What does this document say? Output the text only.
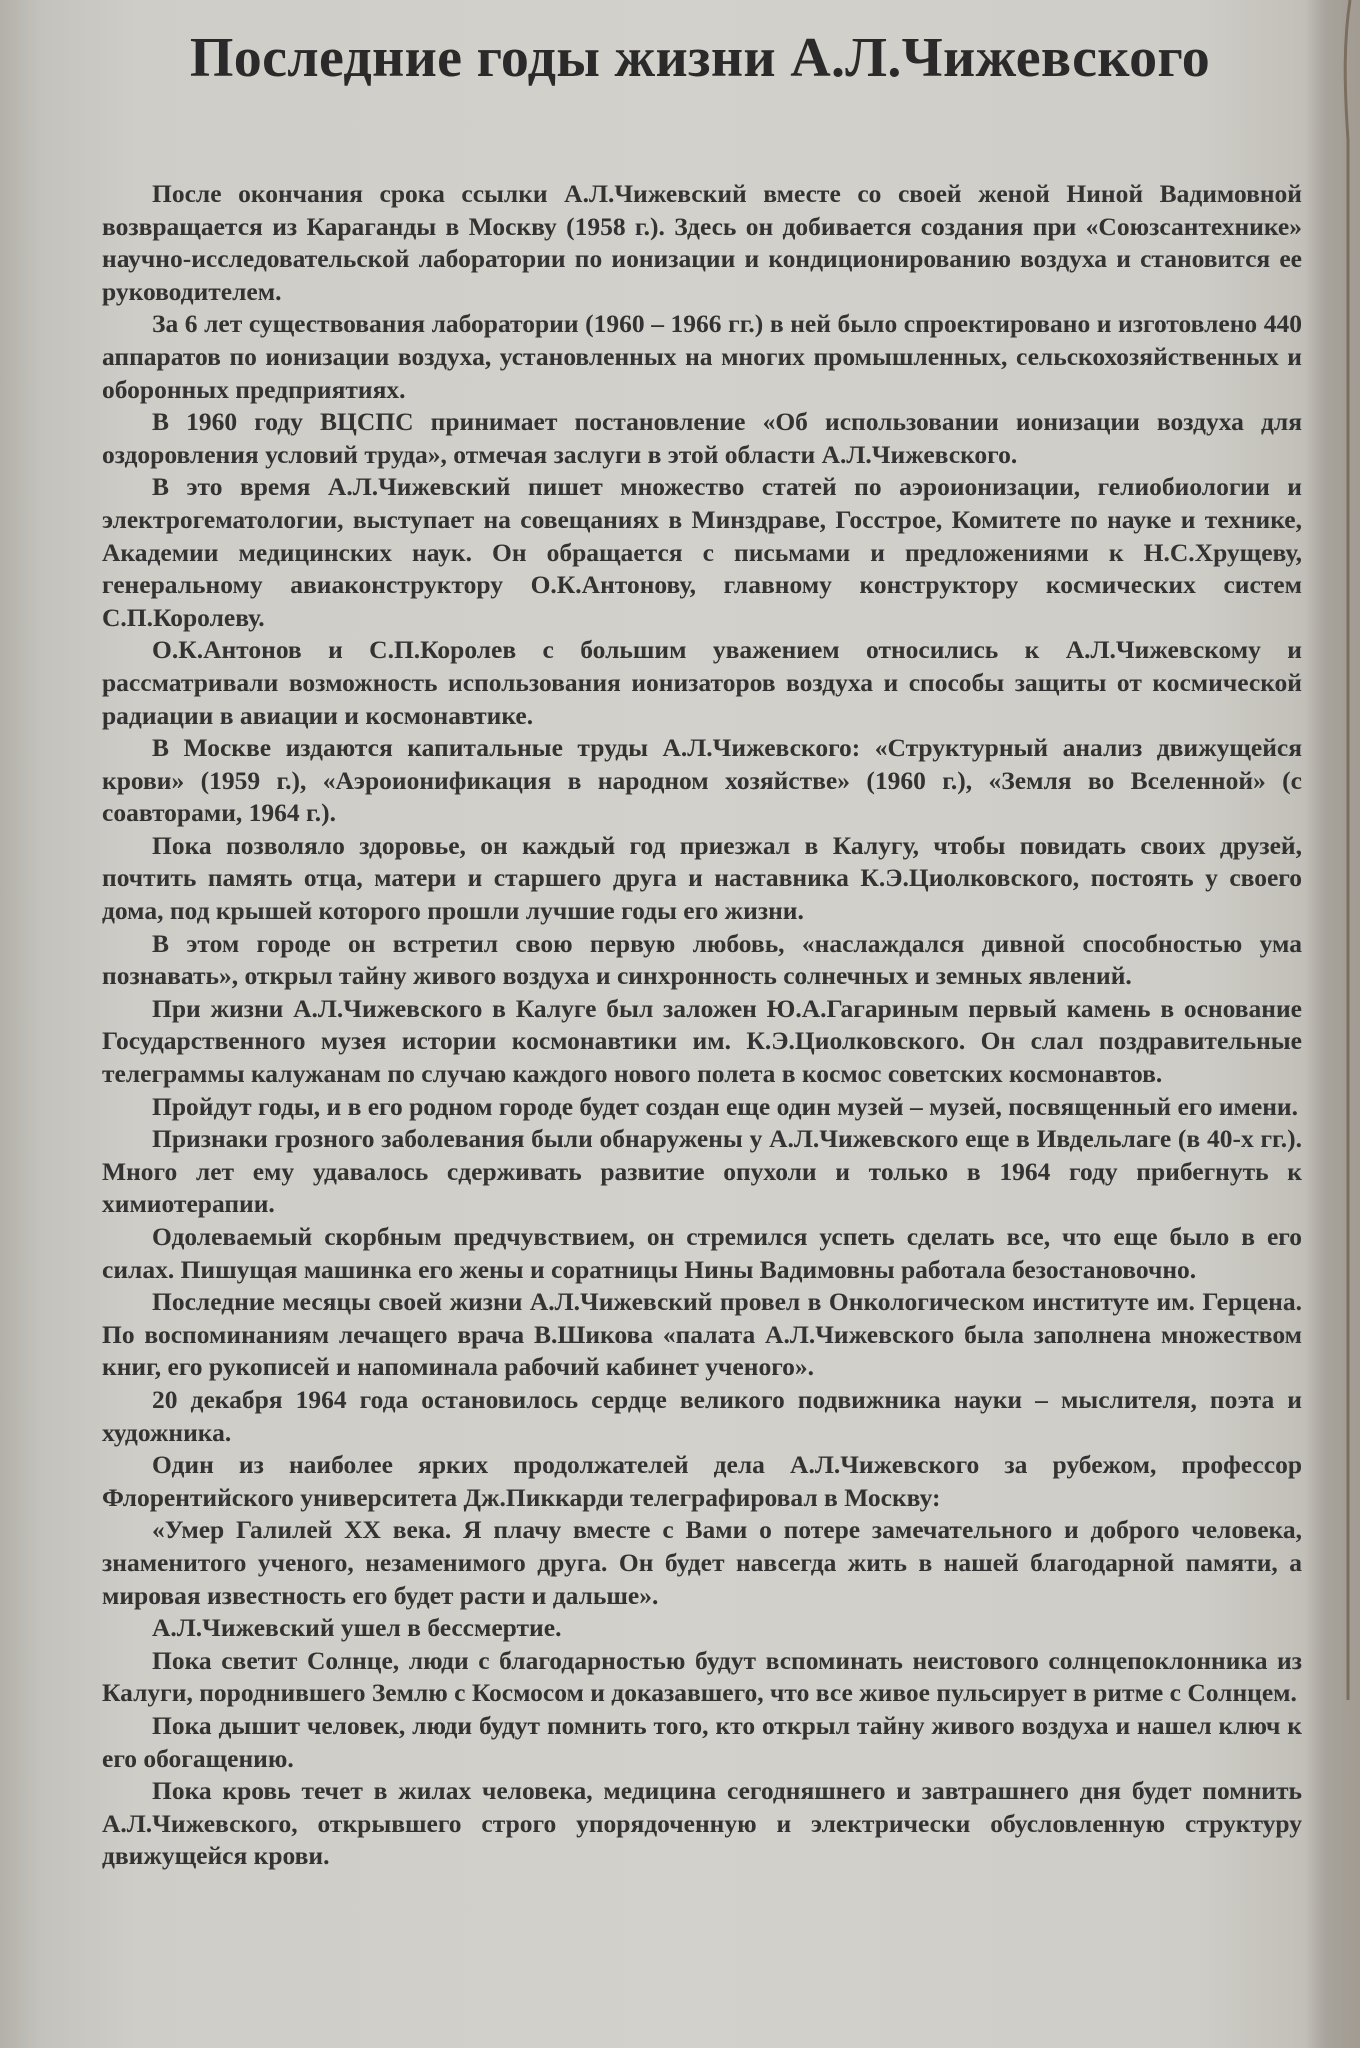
Последние годы жизни А.Л.Чижевского

После окончания срока ссылки А.Л.Чижевский вместе со своей женой Ниной Вадимовной возвращается из Караганды в Москву (1958 г.). Здесь он добивается создания при «Союзсантехнике» научно-исследовательской лаборатории по ионизации и кондиционированию воздуха и становится ее руководителем.

За 6 лет существования лаборатории (1960 – 1966 гг.) в ней было спроектировано и изготовлено 440 аппаратов по ионизации воздуха, установленных на многих промышленных, сельскохозяйственных и оборонных предприятиях.

В 1960 году ВЦСПС принимает постановление «Об использовании ионизации воздуха для оздоровления условий труда», отмечая заслуги в этой области А.Л.Чижевского.

В это время А.Л.Чижевский пишет множество статей по аэроионизации, гелиобиологии и электрогематологии, выступает на совещаниях в Минздраве, Госстрое, Комитете по науке и технике, Академии медицинских наук. Он обращается с письмами и предложениями к Н.С.Хрущеву, генеральному авиаконструктору О.К.Антонову, главному конструктору космических систем С.П.Королеву.

О.К.Антонов и С.П.Королев с большим уважением относились к А.Л.Чижевскому и рассматривали возможность использования ионизаторов воздуха и способы защиты от космической радиации в авиации и космонавтике.

В Москве издаются капитальные труды А.Л.Чижевского: «Структурный анализ движущейся крови» (1959 г.), «Аэроионификация в народном хозяйстве» (1960 г.), «Земля во Вселенной» (с соавторами, 1964 г.).

Пока позволяло здоровье, он каждый год приезжал в Калугу, чтобы повидать своих друзей, почтить память отца, матери и старшего друга и наставника К.Э.Циолковского, постоять у своего дома, под крышей которого прошли лучшие годы его жизни.

В этом городе он встретил свою первую любовь, «наслаждался дивной способностью ума познавать», открыл тайну живого воздуха и синхронность солнечных и земных явлений.

При жизни А.Л.Чижевского в Калуге был заложен Ю.А.Гагариным первый камень в основание Государственного музея истории космонавтики им. К.Э.Циолковского. Он слал поздравительные телеграммы калужанам по случаю каждого нового полета в космос советских космонавтов.

Пройдут годы, и в его родном городе будет создан еще один музей – музей, посвященный его имени.

Признаки грозного заболевания были обнаружены у А.Л.Чижевского еще в Ивдельлаге (в 40-х гг.). Много лет ему удавалось сдерживать развитие опухоли и только в 1964 году прибегнуть к химиотерапии.

Одолеваемый скорбным предчувствием, он стремился успеть сделать все, что еще было в его силах. Пишущая машинка его жены и соратницы Нины Вадимовны работала безостановочно.

Последние месяцы своей жизни А.Л.Чижевский провел в Онкологическом институте им. Герцена. По воспоминаниям лечащего врача В.Шикова «палата А.Л.Чижевского была заполнена множеством книг, его рукописей и напоминала рабочий кабинет ученого».

20 декабря 1964 года остановилось сердце великого подвижника науки – мыслителя, поэта и художника.

Один из наиболее ярких продолжателей дела А.Л.Чижевского за рубежом, профессор Флорентийского университета Дж.Пиккарди телеграфировал в Москву:

«Умер Галилей XX века. Я плачу вместе с Вами о потере замечательного и доброго человека, знаменитого ученого, незаменимого друга. Он будет навсегда жить в нашей благодарной памяти, а мировая известность его будет расти и дальше».

А.Л.Чижевский ушел в бессмертие.

Пока светит Солнце, люди с благодарностью будут вспоминать неистового солнцепоклонника из Калуги, породнившего Землю с Космосом и доказавшего, что все живое пульсирует в ритме с Солнцем.

Пока дышит человек, люди будут помнить того, кто открыл тайну живого воздуха и нашел ключ к его обогащению.

Пока кровь течет в жилах человека, медицина сегодняшнего и завтрашнего дня будет помнить А.Л.Чижевского, открывшего строго упорядоченную и электрически обусловленную структуру движущейся крови.
